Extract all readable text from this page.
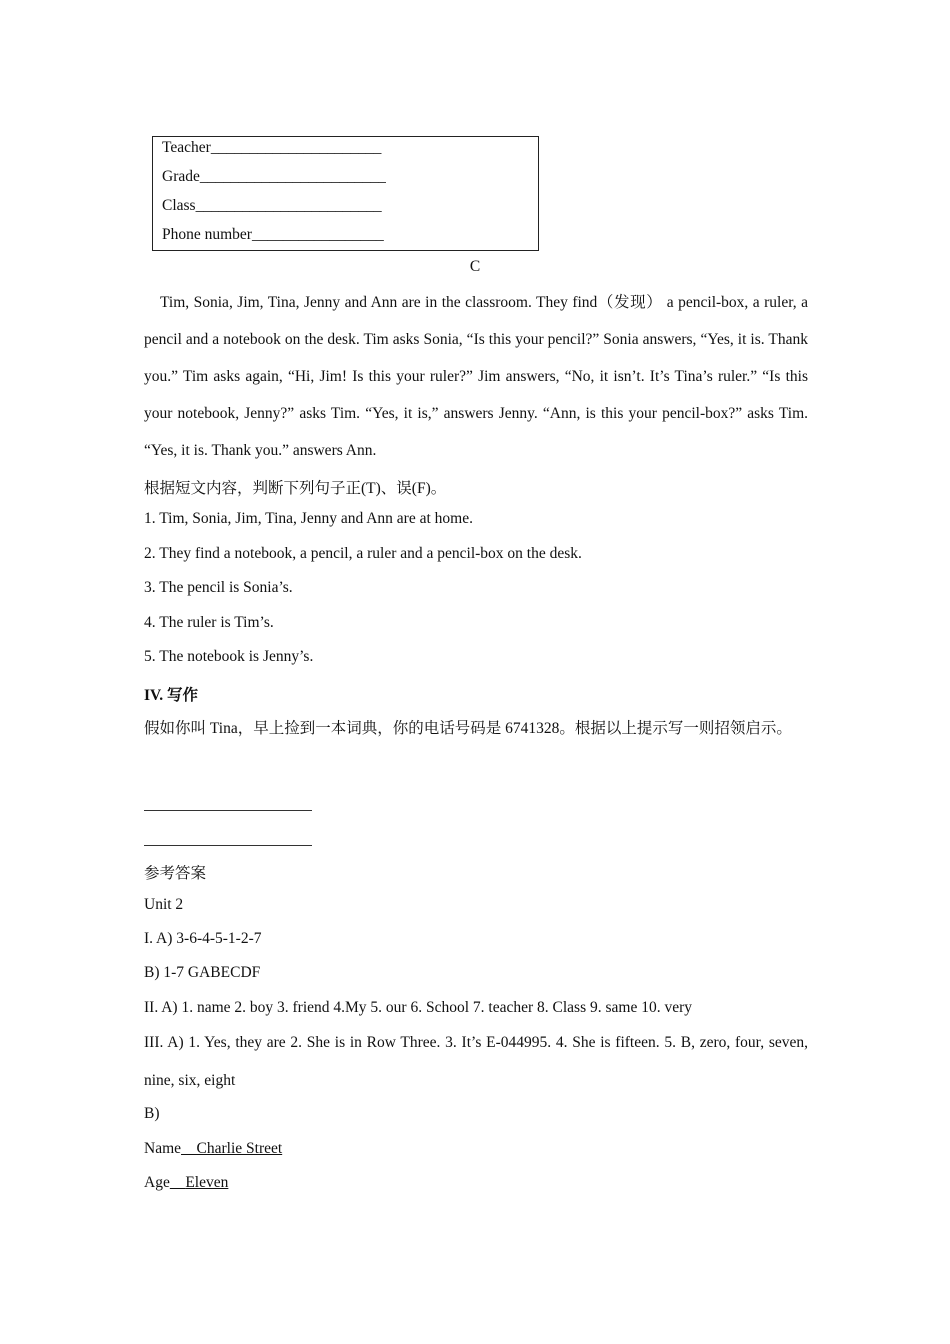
Teacher______________________
Grade________________________
Class________________________
Phone number_________________
C

Tim, Sonia, Jim, Tina, Jenny and Ann are in the classroom. They find（发现） a pencil-box, a ruler, a pencil and a notebook on the desk. Tim asks Sonia, “Is this your pencil?” Sonia answers, “Yes, it is. Thank you.” Tim asks again, “Hi, Jim! Is this your ruler?” Jim answers, “No, it isn’t. It’s Tina’s ruler.” “Is this your notebook, Jenny?” asks Tim. “Yes, it is,” answers Jenny. “Ann, is this your pencil-box?” asks Tim. “Yes, it is. Thank you.” answers Ann.

根据短文内容，判断下列句子正(T)、误(F)。
1. Tim, Sonia, Jim, Tina, Jenny and Ann are at home.
2. They find a notebook, a pencil, a ruler and a pencil-box on the desk.
3. The pencil is Sonia’s.
4. The ruler is Tim’s.
5. The notebook is Jenny’s.
IV. 写作
假如你叫 Tina，早上捡到一本词典，你的电话号码是 6741328。根据以上提示写一则招领启示。
参考答案
Unit 2
I. A) 3-6-4-5-1-2-7
B) 1-7 GABECDF
II. A) 1. name 2. boy 3. friend 4.My 5. our 6. School 7. teacher 8. Class 9. same 10. very
III. A) 1. Yes, they are 2. She is in Row Three. 3. It’s E-044995. 4. She is fifteen. 5. B, zero, four, seven, nine, six, eight
B)
Name Charlie Street
Age Eleven
